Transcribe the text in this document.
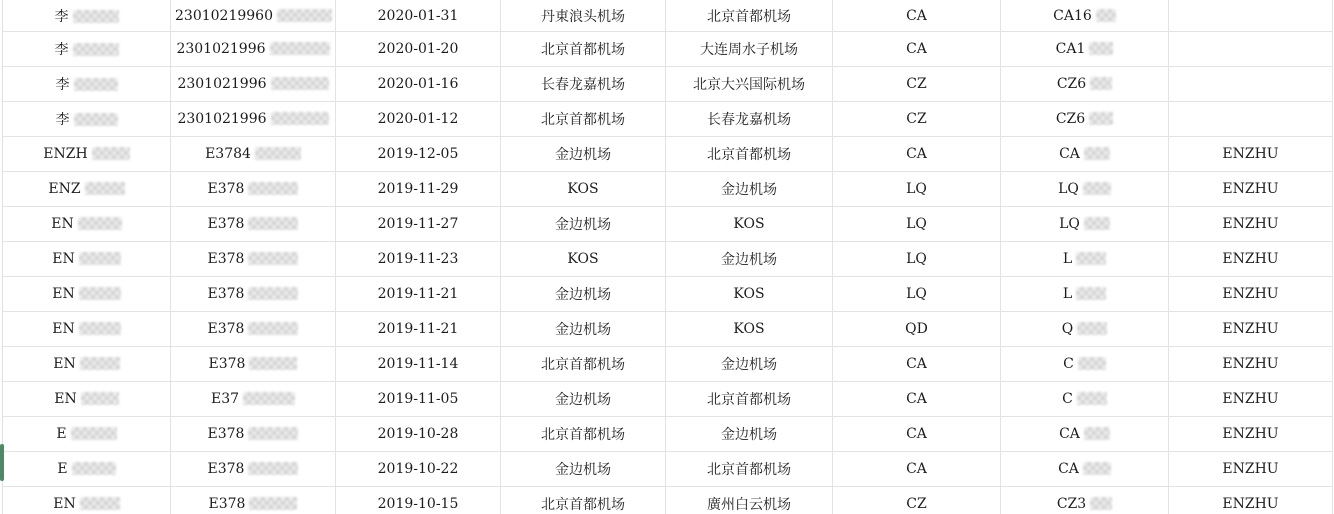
李	23010219960	2020-01-31	丹東浪头机场	北京首都机场	CA	CA16	
李	2301021996	2020-01-20	北京首都机场	大连周水子机场	CA	CA1	
李	2301021996	2020-01-16	长春龙嘉机场	北京大兴国际机场	CZ	CZ6	
李	2301021996	2020-01-12	北京首都机场	长春龙嘉机场	CZ	CZ6	
ENZH	E3784	2019-12-05	金边机场	北京首都机场	CA	CA	ENZHU
ENZ	E378	2019-11-29	KOS	金边机场	LQ	LQ	ENZHU
EN	E378	2019-11-27	金边机场	KOS	LQ	LQ	ENZHU
EN	E378	2019-11-23	KOS	金边机场	LQ	L	ENZHU
EN	E378	2019-11-21	金边机场	KOS	LQ	L	ENZHU
EN	E378	2019-11-21	金边机场	KOS	QD	Q	ENZHU
EN	E378	2019-11-14	北京首都机场	金边机场	CA	C	ENZHU
EN	E37	2019-11-05	金边机场	北京首都机场	CA	C	ENZHU
E	E378	2019-10-28	北京首都机场	金边机场	CA	CA	ENZHU
E	E378	2019-10-22	金边机场	北京首都机场	CA	CA	ENZHU
EN	E378	2019-10-15	北京首都机场	廣州白云机场	CZ	CZ3	ENZHU
